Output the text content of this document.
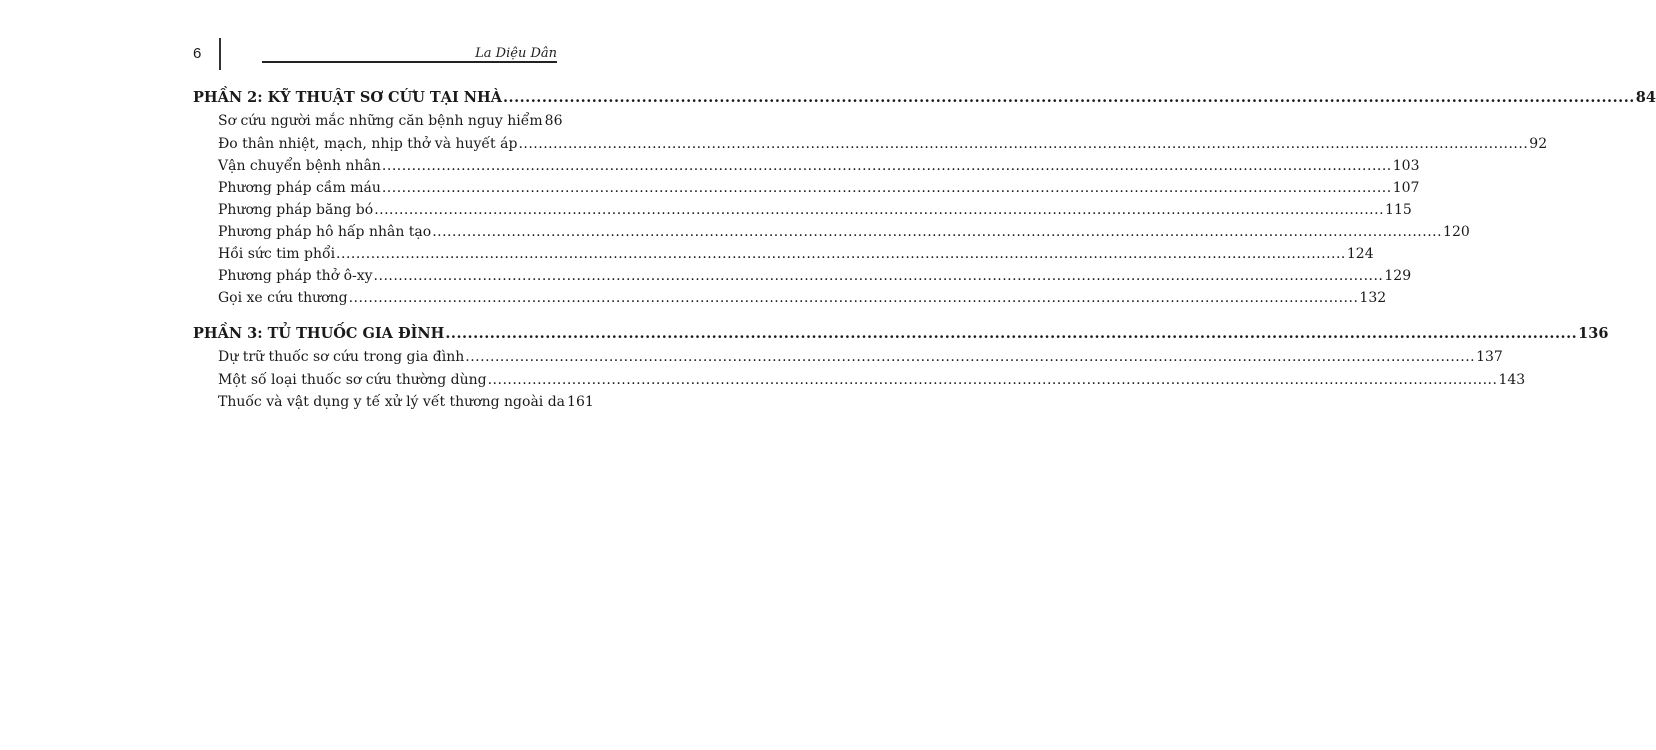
6	La Diệu Dân
PHẦN 2: KỸ THUẬT SƠ CỨU TẠI NHÀ .....	84
Sơ cứu người mắc những căn bệnh nguy hiểm 86
Đo thân nhiệt, mạch, nhịp thở và huyết áp .....	92
Vận chuyển bệnh nhân .....	103
Phương pháp cầm máu .....	107
Phương pháp băng bó .....	115
Phương pháp hô hấp nhân tạo .....	120
Hồi sức tim phổi .....	124
Phương pháp thở ô-xy .....	129
Gọi xe cứu thương .....	132
PHẦN 3: TỦ THUỐC GIA ĐÌNH .....	136
Dự trữ thuốc sơ cứu trong gia đình .....	137
Một số loại thuốc sơ cứu thường dùng .....	143
Thuốc và vật dụng y tế xử lý vết thương ngoài da 161
